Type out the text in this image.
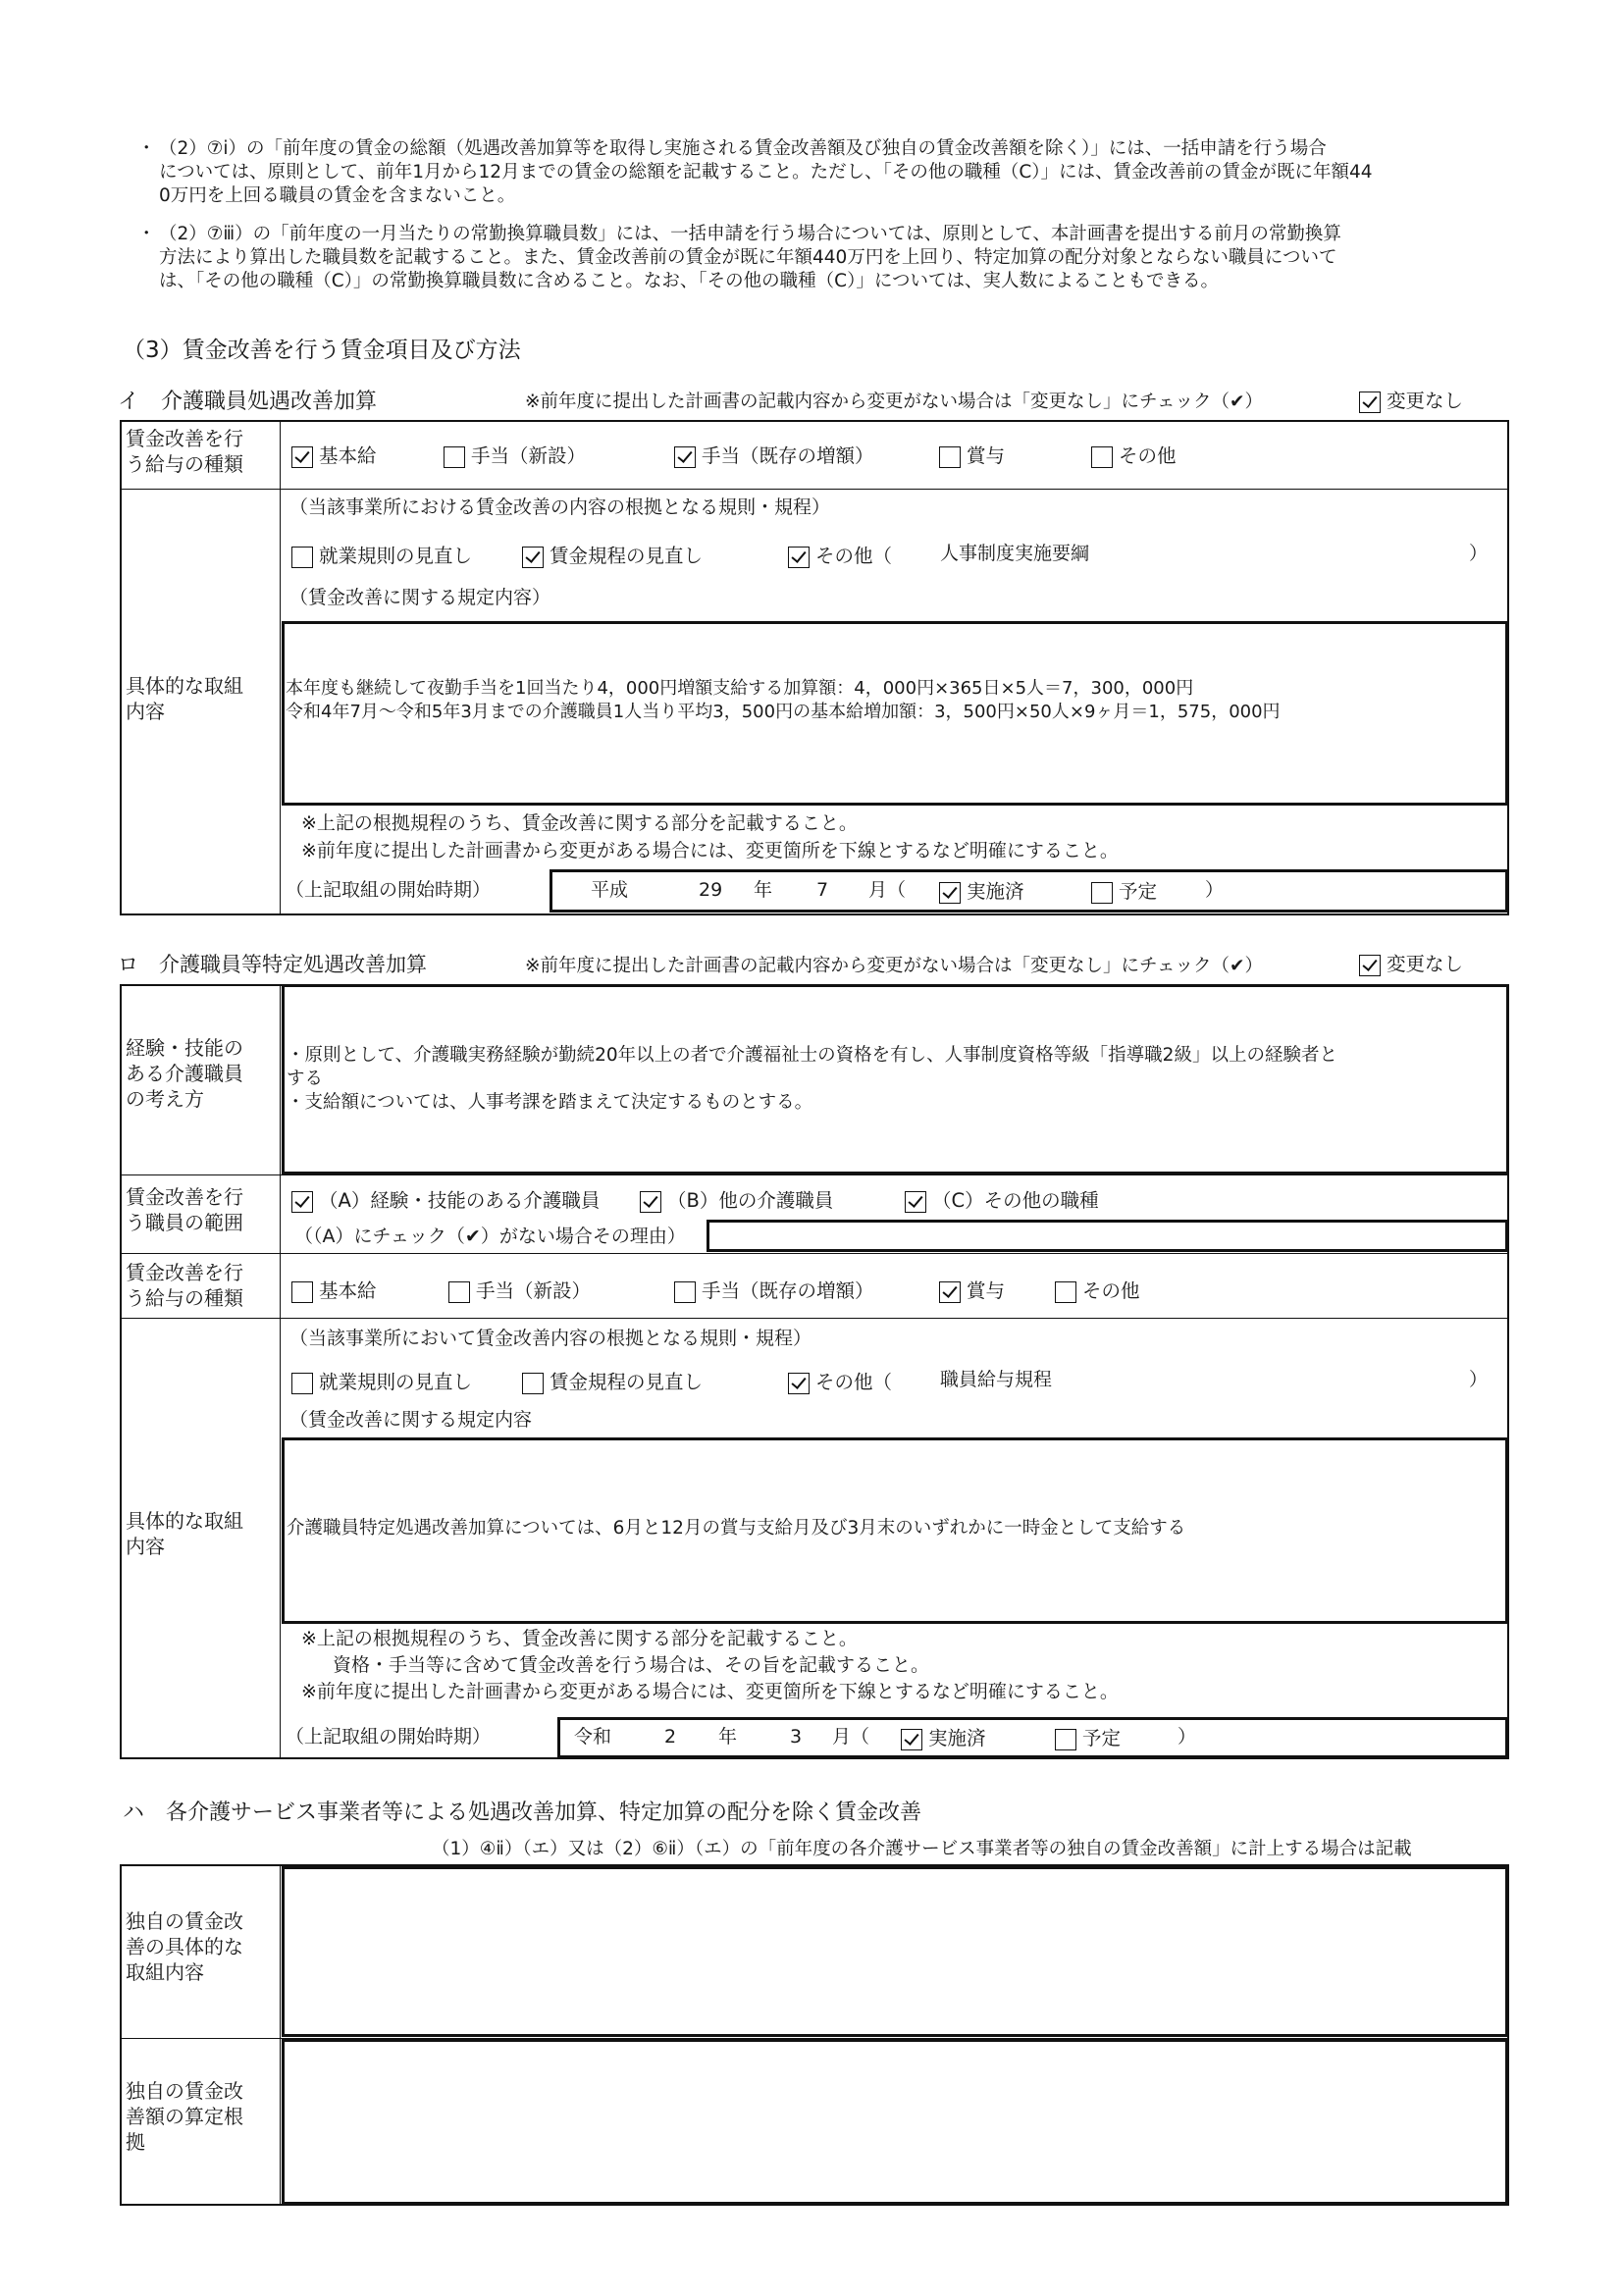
・ （2）⑦ⅰ）の「前年度の賃金の総額（処遇改善加算等を取得し実施される賃金改善額及び独自の賃金改善額を除く）」には、一括申請を行う場合
については、原則として、前年1月から12月までの賃金の総額を記載すること。ただし、「その他の職種（C）」には、賃金改善前の賃金が既に年額44
0万円を上回る職員の賃金を含まないこと。
・ （2）⑦ⅲ）の「前年度の一月当たりの常勤換算職員数」には、一括申請を行う場合については、原則として、本計画書を提出する前月の常勤換算
方法により算出した職員数を記載すること。また、賃金改善前の賃金が既に年額440万円を上回り、特定加算の配分対象とならない職員について
は、「その他の職種（C）」の常勤換算職員数に含めること。なお、「その他の職種（C）」については、実人数によることもできる。
（3）賃金改善を行う賃金項目及び方法
イ　介護職員処遇改善加算	※前年度に提出した計画書の記載内容から変更がない場合は「変更なし」にチェック（✔）	変更なし
賃金改善を行
う給与の種類	基本給	手当（新設）	手当（既存の増額）	賞与	その他
（当該事業所における賃金改善の内容の根拠となる規則・規程）
就業規則の見直し	賃金規程の見直し	その他（	人事制度実施要綱	）
（賃金改善に関する規定内容）
具体的な取組
内容
本年度も継続して夜勤手当を1回当たり4，000円増額支給する加算額：4，000円×365日×5人＝7，300，000円
令和4年7月～令和5年3月までの介護職員1人当り平均3，500円の基本給増加額：3，500円×50人×9ヶ月＝1，575，000円
※上記の根拠規程のうち、賃金改善に関する部分を記載すること。
※前年度に提出した計画書から変更がある場合には、変更箇所を下線とするなど明確にすること。
（上記取組の開始時期）	平成	29 年 7 月（	実施済	予定	）
ロ　介護職員等特定処遇改善加算	※前年度に提出した計画書の記載内容から変更がない場合は「変更なし」にチェック（✔）	変更なし
経験・技能の
ある介護職員
の考え方
・原則として、介護職実務経験が勤続20年以上の者で介護福祉士の資格を有し、人事制度資格等級「指導職2級」以上の経験者と
する
・支給額については、人事考課を踏まえて決定するものとする。
賃金改善を行
う職員の範囲
（A）経験・技能のある介護職員	（B）他の介護職員	（C）その他の職種
（（A）にチェック（✔）がない場合その理由）
賃金改善を行
う給与の種類	基本給	手当（新設）	手当（既存の増額）	賞与	その他
（当該事業所において賃金改善内容の根拠となる規則・規程）
就業規則の見直し	賃金規程の見直し	その他（	職員給与規程	）
（賃金改善に関する規定内容
具体的な取組
内容
介護職員特定処遇改善加算については、6月と12月の賞与支給月及び3月末のいずれかに一時金として支給する
※上記の根拠規程のうち、賃金改善に関する部分を記載すること。
資格・手当等に含めて賃金改善を行う場合は、その旨を記載すること。
※前年度に提出した計画書から変更がある場合には、変更箇所を下線とするなど明確にすること。
（上記取組の開始時期）	令和	2 年	3 月（	実施済	予定	）
ハ　各介護サービス事業者等による処遇改善加算、特定加算の配分を除く賃金改善
（1）④ⅱ）（エ）又は（2）⑥ⅱ）（エ）の「前年度の各介護サービス事業者等の独自の賃金改善額」に計上する場合は記載
独自の賃金改
善の具体的な
取組内容
独自の賃金改
善額の算定根
拠
